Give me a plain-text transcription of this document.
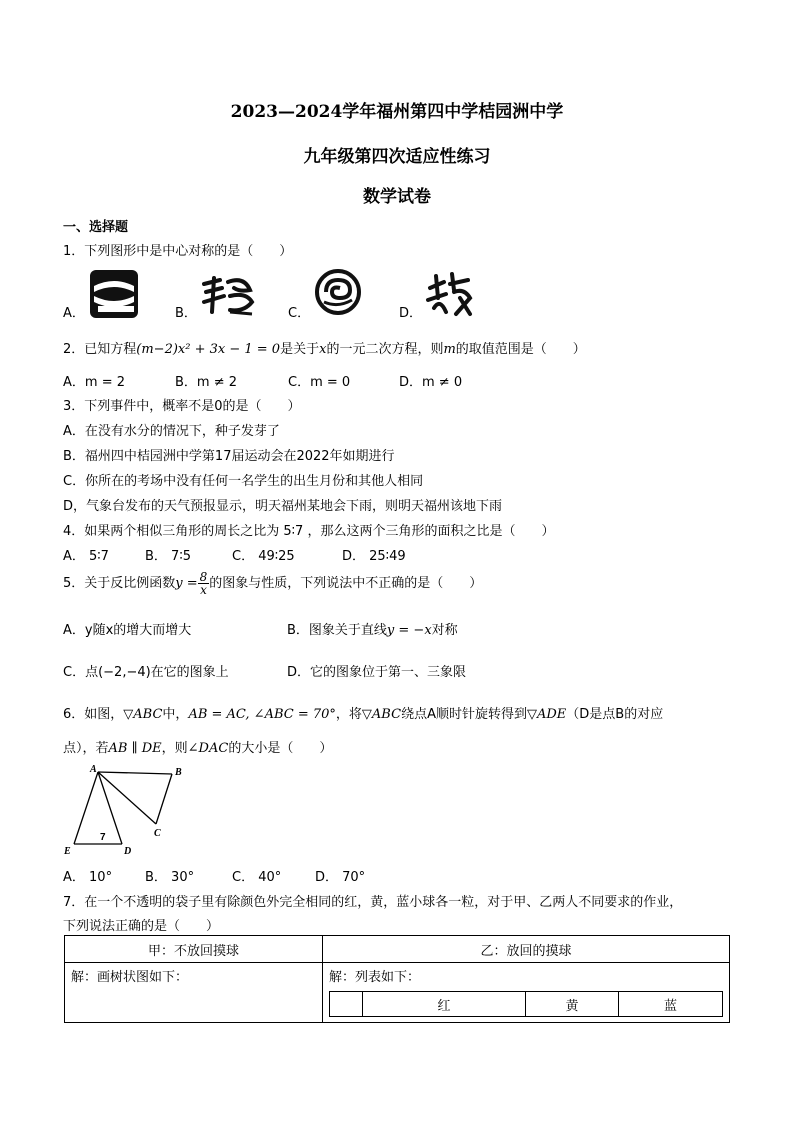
2023—2024学年福州第四中学桔园洲中学
九年级第四次适应性练习
数学试卷
一、选择题
1．下列图形中是中心对称的是（　　）
A．	B．	C．	D．
2．已知方程(m−2)x² + 3x − 1 = 0是关于x的一元二次方程，则m的取值范围是（　　）
A．m = 2	B．m ≠ 2	C．m = 0	D．m ≠ 0
3．下列事件中，概率不是0的是（　　）
A．在没有水分的情况下，种子发芽了
B．福州四中桔园洲中学第17届运动会在2022年如期进行
C．你所在的考场中没有任何一名学生的出生月份和其他人相同
D，气象台发布的天气预报显示，明天福州某地会下雨，则明天福州该地下雨
4．如果两个相似三角形的周长之比为 5∶7 ，那么这两个三角形的面积之比是（　　）
A． 5∶7	B． 7∶5	C． 49∶25	D． 25∶49
5．关于反比例函数$y = \frac{8}{x}$ 的图象与性质，下列说法中不正确的是（　　）
A．y随x的增大而增大	B．图象关于直线y = −x对称
C．点(−2,−4)在它的图象上	D．它的图象位于第一、三象限
6．如图，▽ABC中，AB = AC, ∠ABC = 70°，将▽ABC绕点A顺时针旋转得到▽ADE（D是点B的对应
点），若AB ∥ DE，则∠DAC的大小是（　　）
A	B
C
D
E
7
A． 10°	B． 30°	C． 40°	D． 70°
7．在一个不透明的袋子里有除颜色外完全相同的红，黄，蓝小球各一粒，对于甲、乙两人不同要求的作业，
下列说法正确的是（　　）
甲：不放回摸球	乙：放回的摸球
解：画树状图如下：	解：列表如下：
	红	黄	蓝
